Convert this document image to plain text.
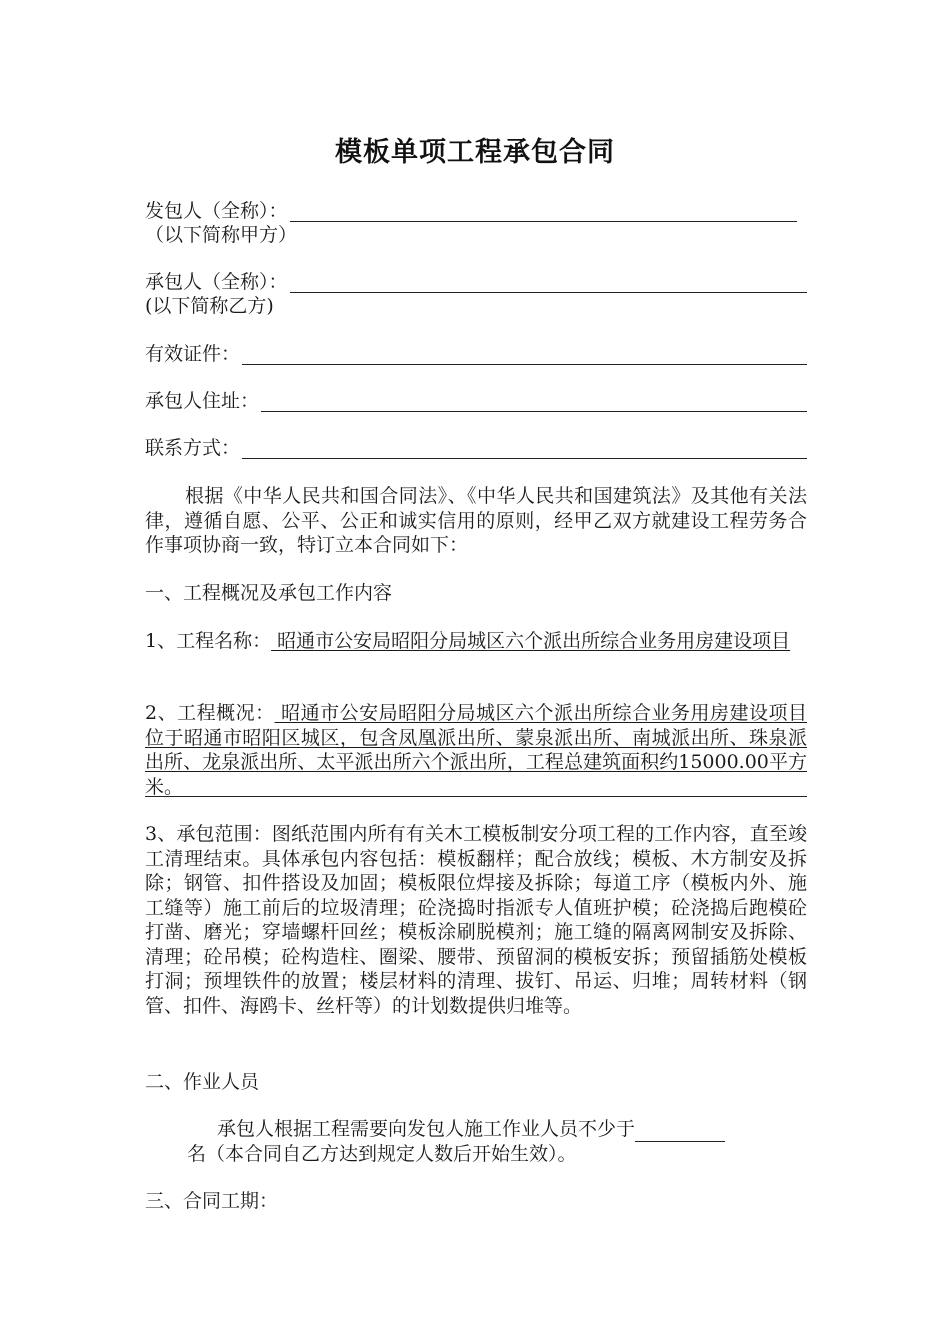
模板单项工程承包合同
发包人（全称）：
（以下简称甲方）
承包人（全称）：
(以下简称乙方)
有效证件：
承包人住址：
联系方式：
根据《中华人民共和国合同法》、《中华人民共和国建筑法》及其他有关法律，遵循自愿、公平、公正和诚实信用的原则，经甲乙双方就建设工程劳务合作事项协商一致，特订立本合同如下：
一、工程概况及承包工作内容
1、工程名称： 昭通市公安局昭阳分局城区六个派出所综合业务用房建设项目
2、工程概况： 昭通市公安局昭阳分局城区六个派出所综合业务用房建设项目位于昭通市昭阳区城区，包含凤凰派出所、蒙泉派出所、南城派出所、珠泉派出所、龙泉派出所、太平派出所六个派出所，工程总建筑面积约15000.00平方米。
3、承包范围：图纸范围内所有有关木工模板制安分项工程的工作内容，直至竣工清理结束。具体承包内容包括：模板翻样；配合放线；模板、木方制安及拆除；钢管、扣件搭设及加固；模板限位焊接及拆除；每道工序（模板内外、施工缝等）施工前后的垃圾清理；砼浇捣时指派专人值班护模；砼浇捣后跑模砼打凿、磨光；穿墙螺杆回丝；模板涂刷脱模剂；施工缝的隔离网制安及拆除、清理；砼吊模；砼构造柱、圈梁、腰带、预留洞的模板安拆；预留插筋处模板打洞；预埋铁件的放置；楼层材料的清理、拔钉、吊运、归堆；周转材料（钢管、扣件、海鸥卡、丝杆等）的计划数提供归堆等。
二、作业人员
承包人根据工程需要向发包人施工作业人员不少于
名（本合同自乙方达到规定人数后开始生效）。
三、合同工期：
